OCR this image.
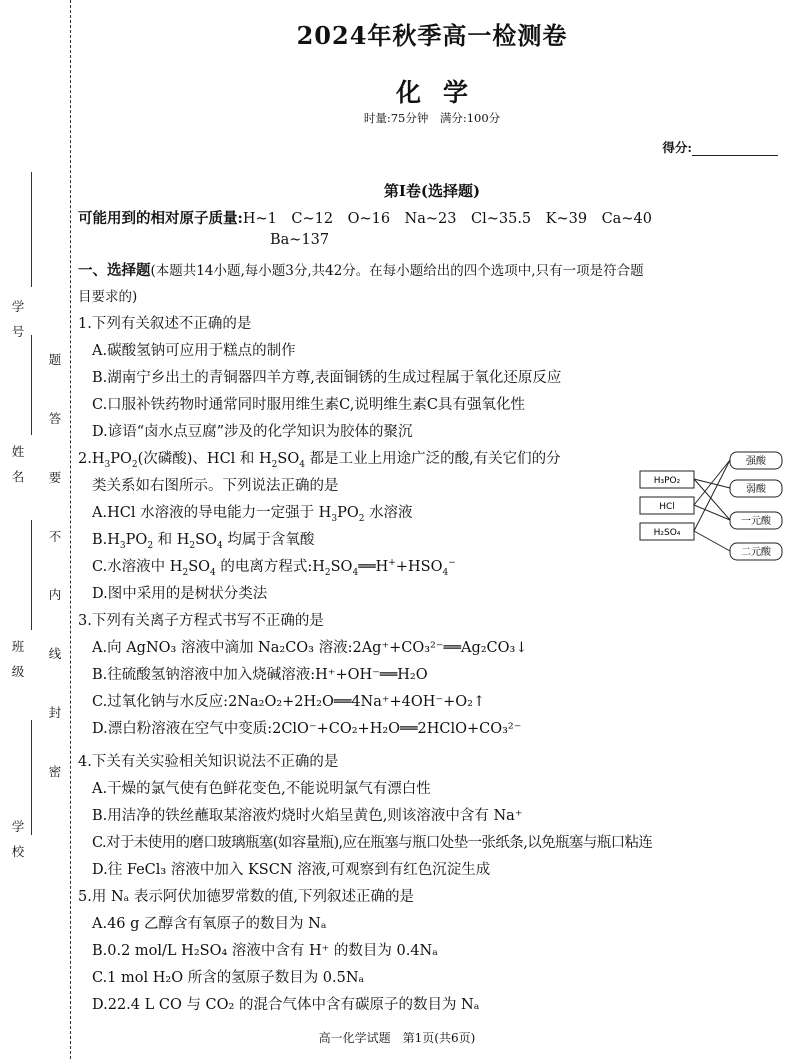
学　号
姓　名
班　级
学　校
题
答
要
不
内
线
封
密
2024年秋季高一检测卷
化学
时量:75分钟　满分:100分
得分:
第Ⅰ卷(选择题)
可能用到的相对原子质量:H~1　C~12　O~16　Na~23　Cl~35.5　K~39　Ca~40
Ba~137
一、选择题(本题共14小题,每小题3分,共42分。在每小题给出的四个选项中,只有一项是符合题
目要求的)
1.下列有关叙述不正确的是
A.碳酸氢钠可应用于糕点的制作
B.湖南宁乡出土的青铜器四羊方尊,表面铜锈的生成过程属于氧化还原反应
C.口服补铁药物时通常同时服用维生素C,说明维生素C具有强氧化性
D.谚语“卤水点豆腐”涉及的化学知识为胶体的聚沉
$2.H_3PO_2$(次磷酸)、HCl 和 $H_2SO_4$ 都是工业上用途广泛的酸,有关它们的分
类关系如右图所示。下列说法正确的是
A.HCl 水溶液的导电能力一定强于 $H_3PO_2$ 水溶液
$B.H_3PO_2$ 和 $H_2SO_4$ 均属于含氧酸
C.水溶液中 $H_2SO_4$ 的电离方程式$:H_2SO_4══H^++HSO_4^-$
D.图中采用的是树状分类法
3.下列有关离子方程式书写不正确的是
A.向 AgNO₃ 溶液中滴加 Na₂CO₃ 溶液:2Ag⁺+CO₃²⁻══Ag₂CO₃↓
B.往硫酸氢钠溶液中加入烧碱溶液:H⁺+OH⁻══H₂O
C.过氧化钠与水反应:2Na₂O₂+2H₂O══4Na⁺+4OH⁻+O₂↑
D.漂白粉溶液在空气中变质:2ClO⁻+CO₂+H₂O══2HClO+CO₃²⁻
4.下关有关实验相关知识说法不正确的是
A.干燥的氯气使有色鲜花变色,不能说明氯气有漂白性
B.用洁净的铁丝蘸取某溶液灼烧时火焰呈黄色,则该溶液中含有 Na⁺
C.对于未使用的磨口玻璃瓶塞(如容量瓶),应在瓶塞与瓶口处垫一张纸条,以免瓶塞与瓶口粘连
D.往 FeCl₃ 溶液中加入 KSCN 溶液,可观察到有红色沉淀生成
5.用 Nₐ 表示阿伏加德罗常数的值,下列叙述正确的是
A.46 g 乙醇含有氧原子的数目为 Nₐ
B.0.2 mol/L H₂SO₄ 溶液中含有 H⁺ 的数目为 0.4Nₐ
C.1 mol H₂O 所含的氢原子数目为 0.5Nₐ
D.22.4 L CO 与 CO₂ 的混合气体中含有碳原子的数目为 Nₐ
H₃PO₂
HCl
H₂SO₄
强酸
弱酸
一元酸
二元酸
高一化学试题　第1页(共6页)
